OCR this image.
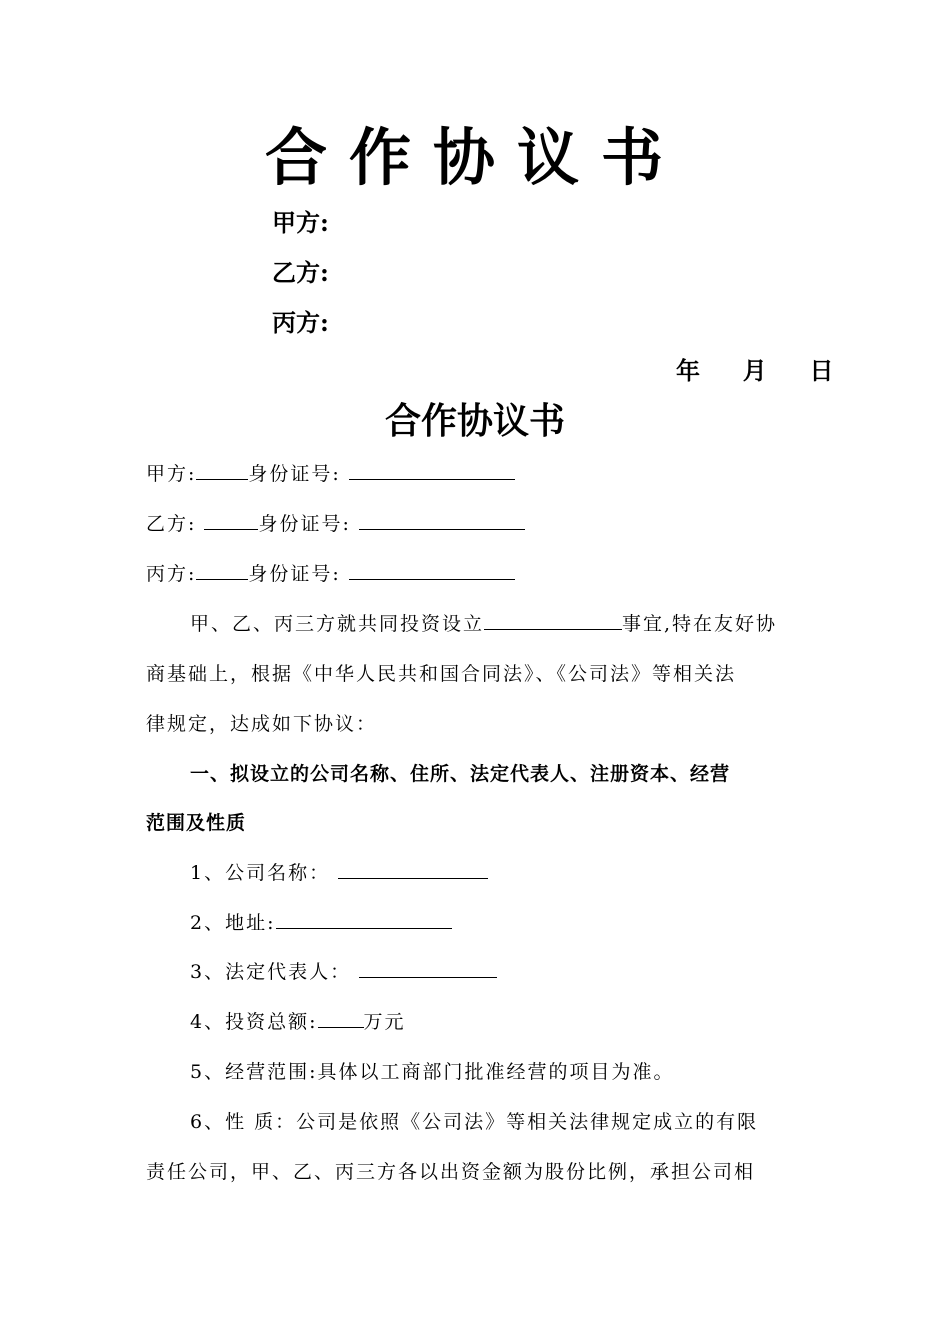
合作协议书
甲方:
乙方:
丙方:
年 月 日
合作协议书
甲方:	身份证号:
乙方:	身份证号:
丙方:	身份证号:
甲、乙、丙三方就共同投资设立	事宜,特在友好协
商基础上，根据《中华人民共和国合同法》、《公司法》等相关法
律规定，达成如下协议：
一、拟设立的公司名称、住所、法定代表人、注册资本、经营
范围及性质
1、公司名称：
2、地址:
3、法定代表人：
4、投资总额: 万元
5、经营范围:具体以工商部门批准经营的项目为准。
6、性 质：公司是依照《公司法》等相关法律规定成立的有限
责任公司，甲、乙、丙三方各以出资金额为股份比例，承担公司相
